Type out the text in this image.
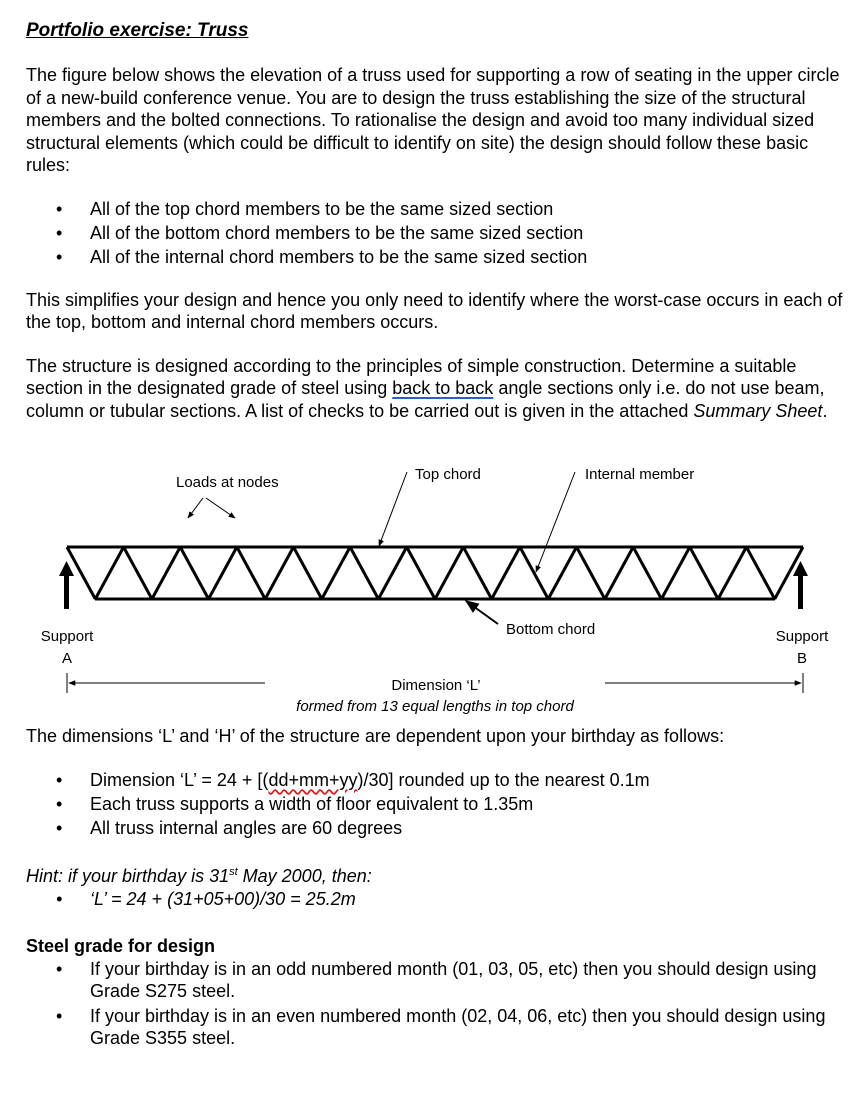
Portfolio exercise: Truss

The figure below shows the elevation of a truss used for supporting a row of seating in the upper circle of a new-build conference venue. You are to design the truss establishing the size of the structural members and the bolted connections. To rationalise the design and avoid too many individual sized structural elements (which could be difficult to identify on site) the design should follow these basic rules:

• All of the top chord members to be the same sized section
• All of the bottom chord members to be the same sized section
• All of the internal chord members to be the same sized section

This simplifies your design and hence you only need to identify where the worst-case occurs in each of the top, bottom and internal chord members occurs.

The structure is designed according to the principles of simple construction. Determine a suitable section in the designated grade of steel using back to back angle sections only i.e. do not use beam, column or tubular sections. A list of checks to be carried out is given in the attached Summary Sheet.

The dimensions ‘L’ and ‘H’ of the structure are dependent upon your birthday as follows:

• Dimension ‘L’ = 24 + [(dd+mm+yy)/30] rounded up to the nearest 0.1m
• Each truss supports a width of floor equivalent to 1.35m
• All truss internal angles are 60 degrees

Hint: if your birthday is 31st May 2000, then:

• ‘L’ = 24 + (31+05+00)/30 = 25.2m

Steel grade for design

• If your birthday is in an odd numbered month (01, 03, 05, etc) then you should design using Grade S275 steel.
• If your birthday is in an even numbered month (02, 04, 06, etc) then you should design using Grade S355 steel.
Loads at nodes	Top chord	Internal member
Bottom chord
Support
A
Support
B
Dimension ‘L’
formed from 13 equal lengths in top chord
